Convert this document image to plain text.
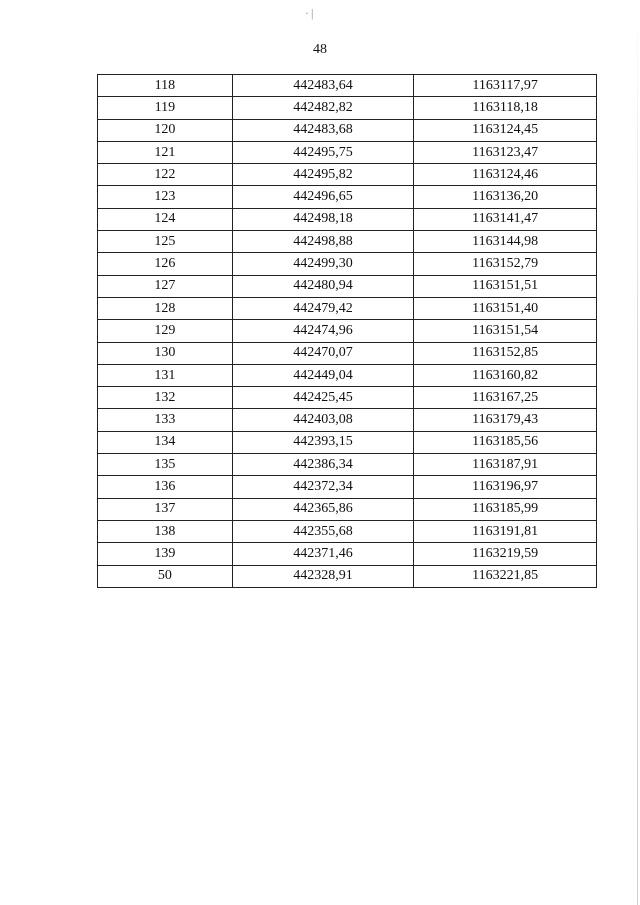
·|
48
118	442483,64	1163117,97
119	442482,82	1163118,18
120	442483,68	1163124,45
121	442495,75	1163123,47
122	442495,82	1163124,46
123	442496,65	1163136,20
124	442498,18	1163141,47
125	442498,88	1163144,98
126	442499,30	1163152,79
127	442480,94	1163151,51
128	442479,42	1163151,40
129	442474,96	1163151,54
130	442470,07	1163152,85
131	442449,04	1163160,82
132	442425,45	1163167,25
133	442403,08	1163179,43
134	442393,15	1163185,56
135	442386,34	1163187,91
136	442372,34	1163196,97
137	442365,86	1163185,99
138	442355,68	1163191,81
139	442371,46	1163219,59
50	442328,91	1163221,85
